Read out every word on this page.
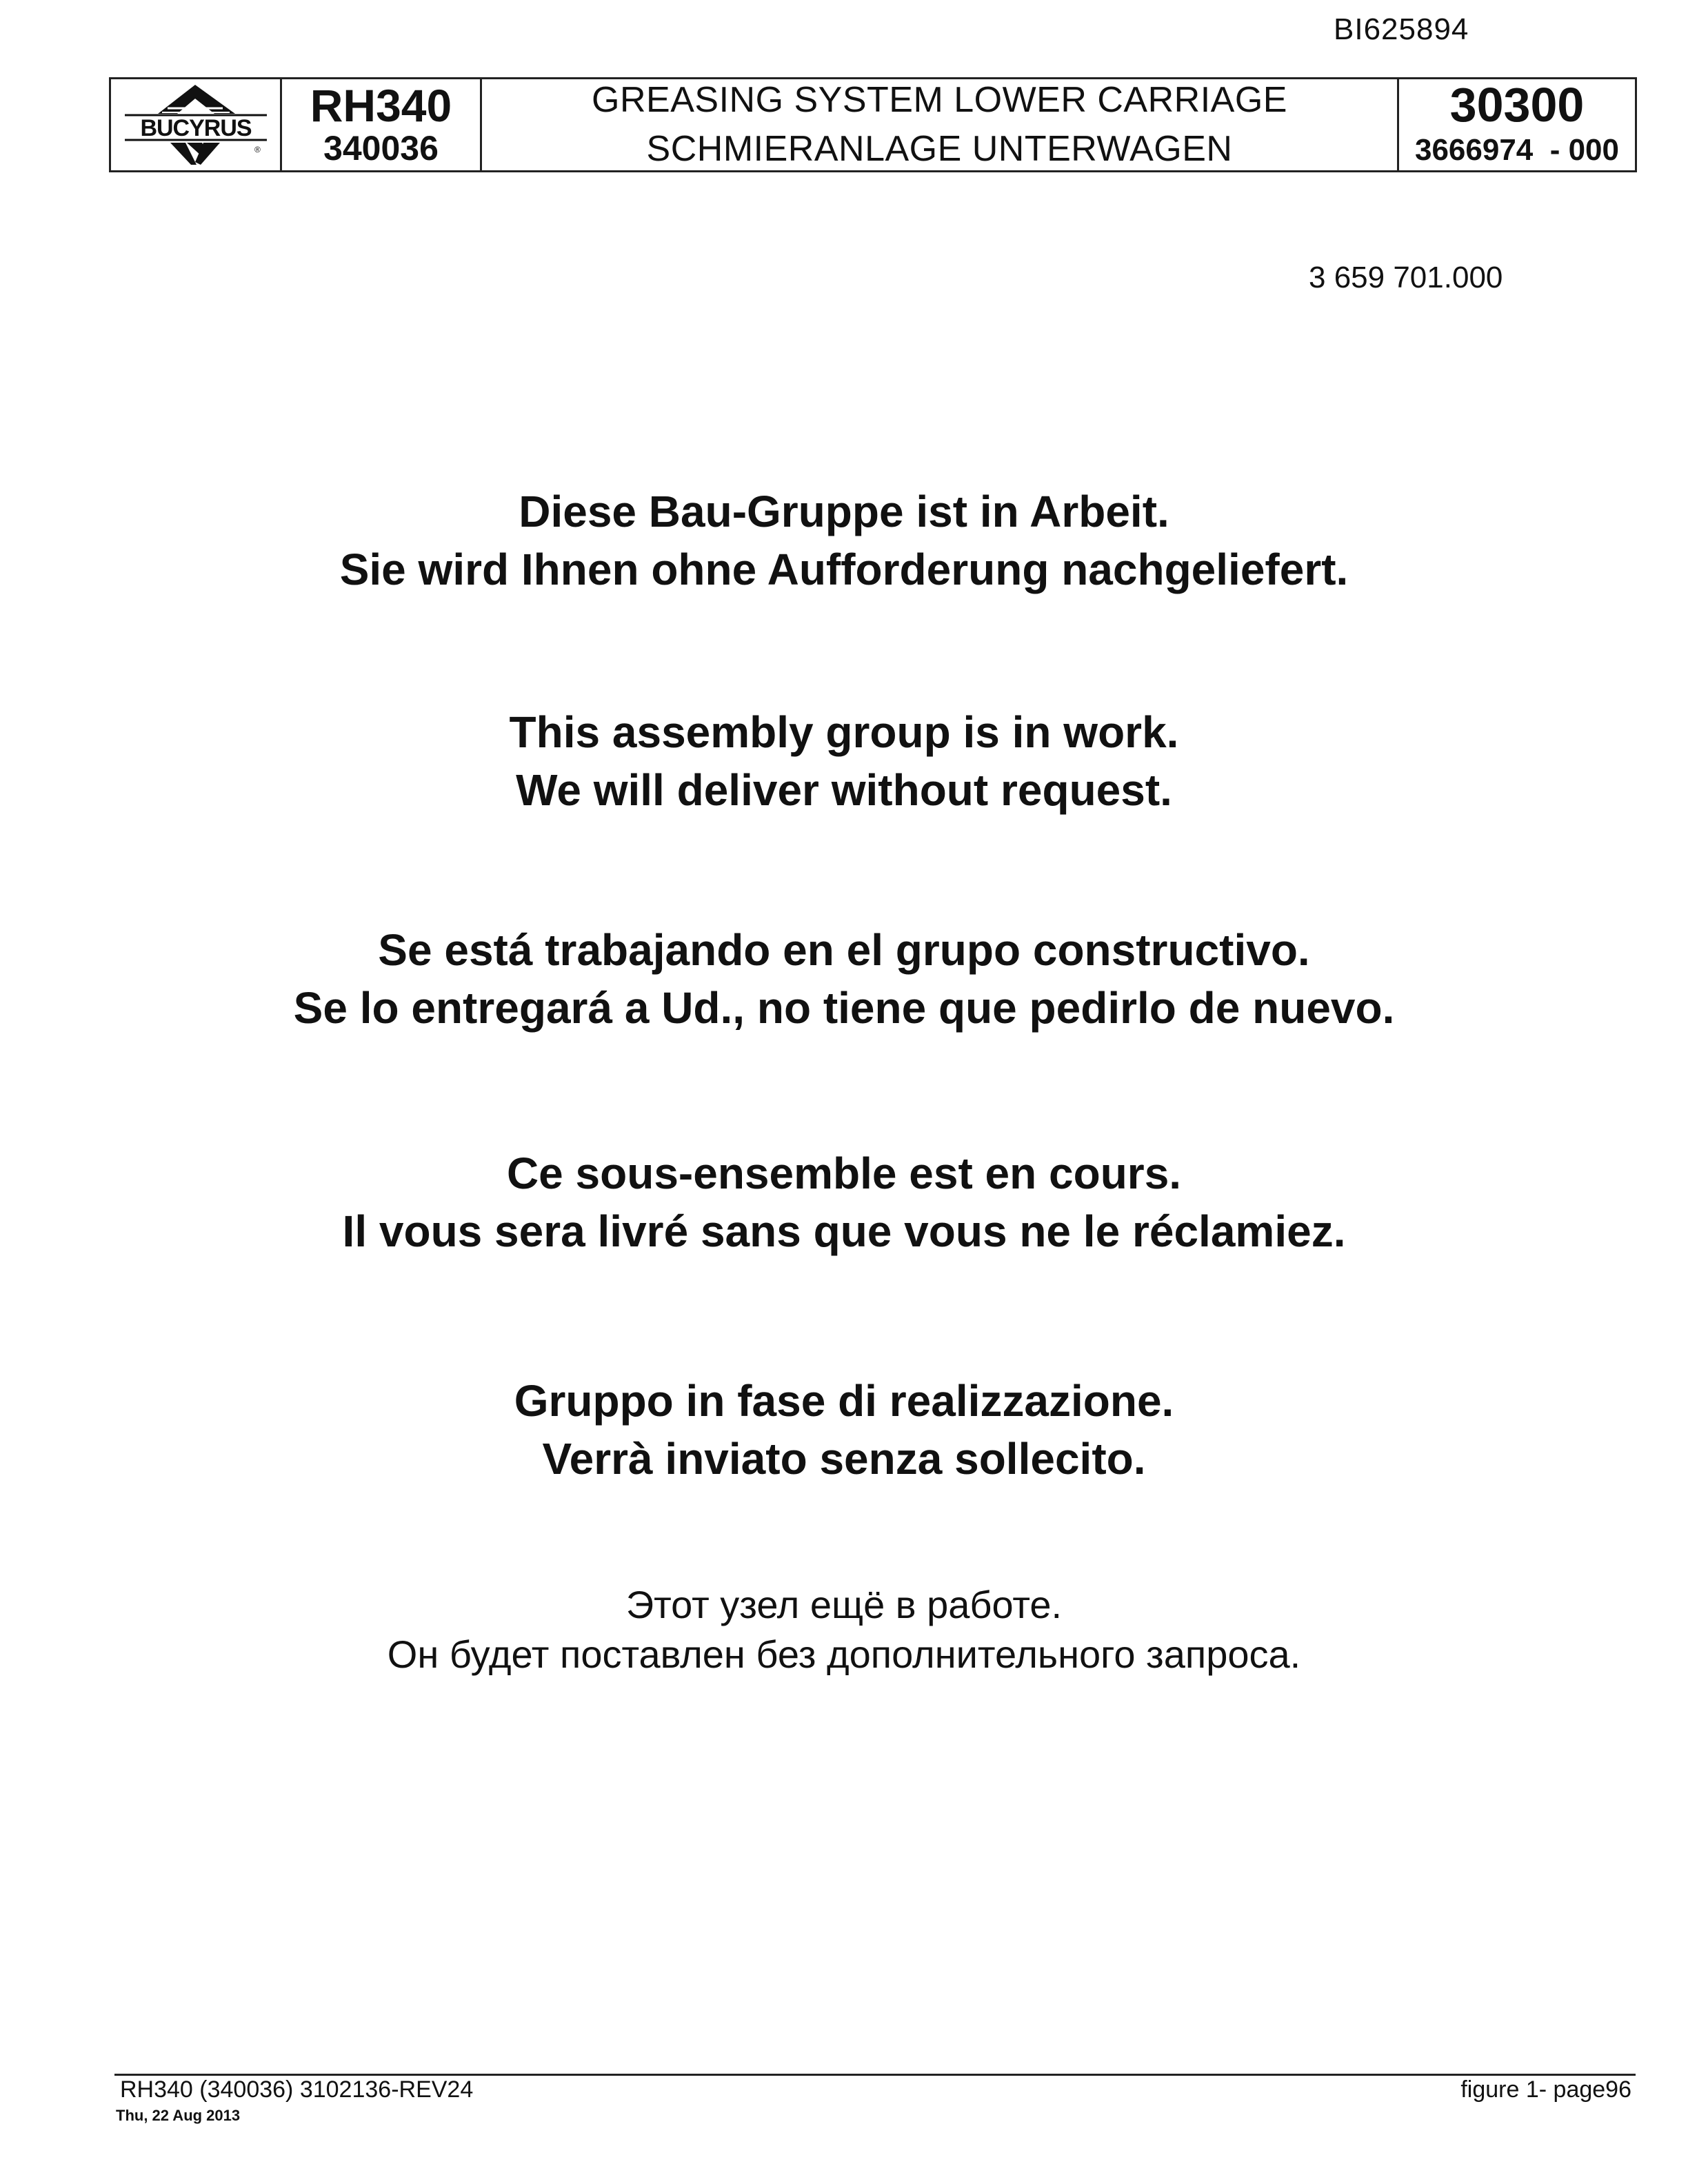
BI625894
BUCYRUS
®
RH340
340036
GREASING SYSTEM LOWER CARRIAGE
SCHMIERANLAGE UNTERWAGEN
30300
3666974  - 000
3 659 701.000
Diese Bau-Gruppe ist in Arbeit.
Sie wird Ihnen ohne Aufforderung nachgeliefert.
This assembly group is in work.
We will deliver without request.
Se está trabajando en el grupo constructivo.
Se lo entregará a Ud., no tiene que pedirlo de nuevo.
Ce sous-ensemble est en cours.
Il vous sera livré sans que vous ne le réclamiez.
Gruppo in fase di realizzazione.
Verrà inviato senza sollecito.
Этот узел ещё в работе.
Он будет поставлен без дополнительного запроса.
RH340 (340036) 3102136-REV24
Thu, 22 Aug 2013
figure 1- page96
